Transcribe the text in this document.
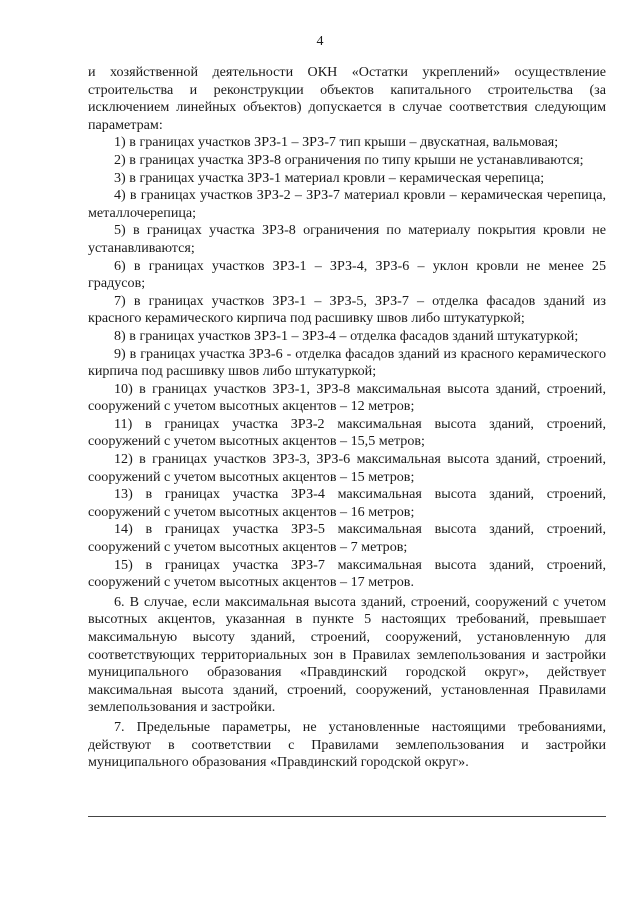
4

и хозяйственной деятельности ОКН «Остатки укреплений» осуществление строительства и реконструкции объектов капитального строительства (за исключением линейных объектов) допускается в случае соответствия следующим параметрам:

1) в границах участков ЗРЗ-1 – ЗРЗ-7 тип крыши – двускатная, вальмовая;

2) в границах участка ЗРЗ-8 ограничения по типу крыши не устанавливаются;

3) в границах участка ЗРЗ-1 материал кровли – керамическая черепица;

4) в границах участков ЗРЗ-2 – ЗРЗ-7 материал кровли – керамическая черепица, металлочерепица;

5) в границах участка ЗРЗ-8 ограничения по материалу покрытия кровли не устанавливаются;

6) в границах участков ЗРЗ-1 – ЗРЗ-4, ЗРЗ-6 – уклон кровли не менее 25 градусов;

7) в границах участков ЗРЗ-1 – ЗРЗ-5, ЗРЗ-7 – отделка фасадов зданий из красного керамического кирпича под расшивку швов либо штукатуркой;

8) в границах участков ЗРЗ-1 – ЗРЗ-4 – отделка фасадов зданий штукатуркой;

9) в границах участка ЗРЗ-6 - отделка фасадов зданий из красного керамического кирпича под расшивку швов либо штукатуркой;

10) в границах участков ЗРЗ-1, ЗРЗ-8 максимальная высота зданий, строений, сооружений с учетом высотных акцентов – 12 метров;

11) в границах участка ЗРЗ-2 максимальная высота зданий, строений, сооружений с учетом высотных акцентов – 15,5 метров;

12) в границах участков ЗРЗ-3, ЗРЗ-6 максимальная высота зданий, строений, сооружений с учетом высотных акцентов – 15 метров;

13) в границах участка ЗРЗ-4 максимальная высота зданий, строений, сооружений с учетом высотных акцентов – 16 метров;

14) в границах участка ЗРЗ-5 максимальная высота зданий, строений, сооружений с учетом высотных акцентов – 7 метров;

15) в границах участка ЗРЗ-7 максимальная высота зданий, строений, сооружений с учетом высотных акцентов – 17 метров.

6. В случае, если максимальная высота зданий, строений, сооружений с учетом высотных акцентов, указанная в пункте 5 настоящих требований, превышает максимальную высоту зданий, строений, сооружений, установленную для соответствующих территориальных зон в Правилах землепользования и застройки муниципального образования «Правдинский городской округ», действует максимальная высота зданий, строений, сооружений, установленная Правилами землепользования и застройки.

7. Предельные параметры, не установленные настоящими требованиями, действуют в соответствии с Правилами землепользования и застройки муниципального образования «Правдинский городской округ».
